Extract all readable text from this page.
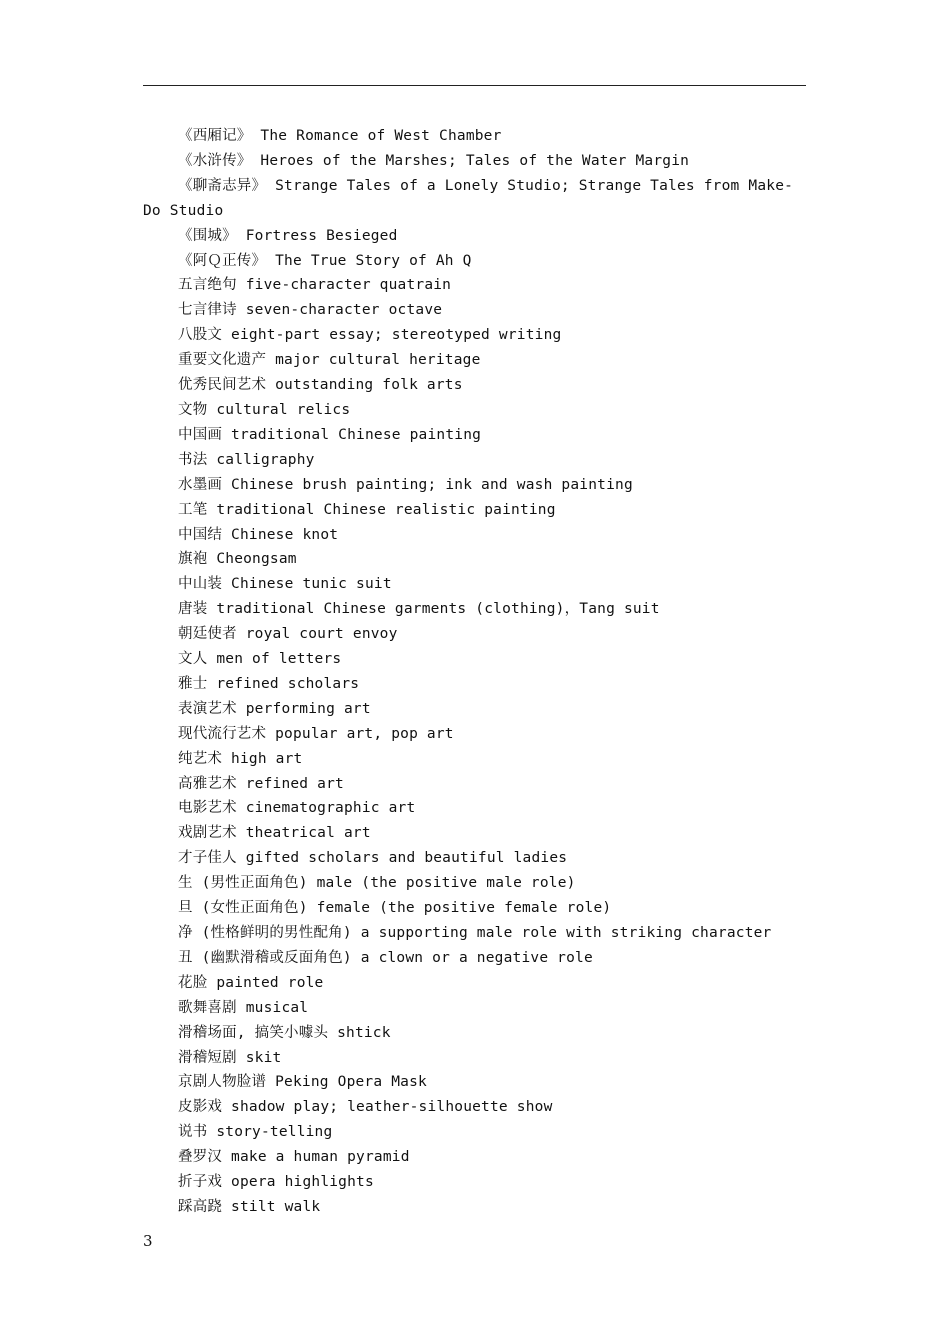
《西厢记》 The Romance of West Chamber
《水浒传》 Heroes of the Marshes; Tales of the Water Margin
《聊斋志异》 Strange Tales of a Lonely Studio; Strange Tales from Make-Do Studio
《围城》 Fortress Besieged
《阿Ｑ正传》 The True Story of Ah Q
五言绝句 five-character quatrain
七言律诗 seven-character octave
八股文 eight-part essay; stereotyped writing
重要文化遗产 major cultural heritage
优秀民间艺术 outstanding folk arts
文物 cultural relics
中国画 traditional Chinese painting
书法 calligraphy
水墨画 Chinese brush painting; ink and wash painting
工笔 traditional Chinese realistic painting
中国结 Chinese knot
旗袍 Cheongsam
中山装 Chinese tunic suit
唐装 traditional Chinese garments (clothing)，Tang suit
朝廷使者 royal court envoy
文人 men of letters
雅士 refined scholars
表演艺术 performing art
现代流行艺术 popular art, pop art
纯艺术 high art
高雅艺术 refined art
电影艺术 cinematographic art
戏剧艺术 theatrical art
才子佳人 gifted scholars and beautiful ladies
生 (男性正面角色) male (the positive male role)
旦 (女性正面角色) female (the positive female role)
净 (性格鲜明的男性配角) a supporting male role with striking character
丑 (幽默滑稽或反面角色) a clown or a negative role
花脸 painted role
歌舞喜剧 musical
滑稽场面, 搞笑小噱头 shtick
滑稽短剧 skit
京剧人物脸谱 Peking Opera Mask
皮影戏 shadow play; leather-silhouette show
说书 story-telling
叠罗汉 make a human pyramid
折子戏 opera highlights
踩高跷 stilt walk
3
